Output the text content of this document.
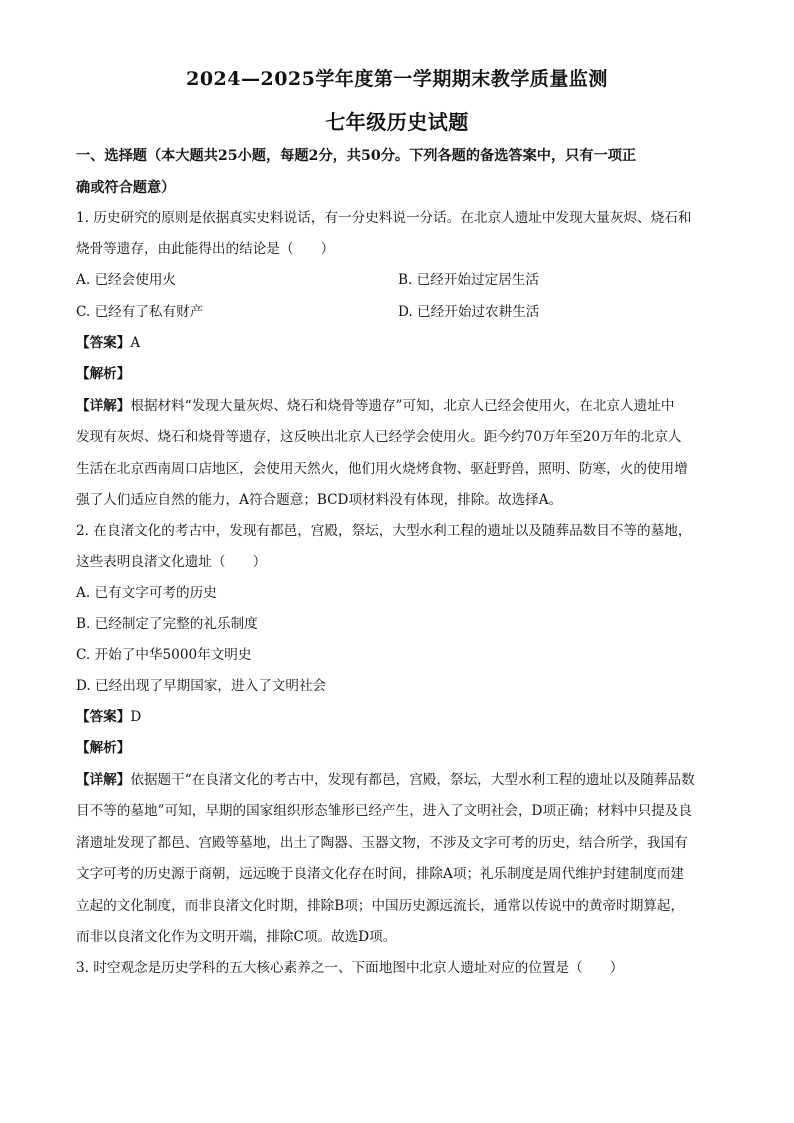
2024—2025学年度第一学期期末教学质量监测
七年级历史试题
一、选择题（本大题共25小题，每题2分，共50分。下列各题的备选答案中，只有一项正
确或符合题意）
1. 历史研究的原则是依据真实史料说话，有一分史料说一分话。在北京人遗址中发现大量灰烬、烧石和
烧骨等遗存，由此能得出的结论是（　　）
A. 已经会使用火	B. 已经开始过定居生活
C. 已经有了私有财产	D. 已经开始过农耕生活
【答案】A
【解析】
【详解】根据材料“发现大量灰烬、烧石和烧骨等遗存”可知，北京人已经会使用火，在北京人遗址中
发现有灰烬、烧石和烧骨等遗存，这反映出北京人已经学会使用火。距今约70万年至20万年的北京人
生活在北京西南周口店地区，会使用天然火，他们用火烧烤食物、驱赶野兽，照明、防寒，火的使用增
强了人们适应自然的能力，A符合题意；BCD项材料没有体现，排除。故选择A。
2. 在良渚文化的考古中，发现有都邑，宫殿，祭坛，大型水利工程的遗址以及随葬品数目不等的墓地，
这些表明良渚文化遗址（　　）
A. 已有文字可考的历史
B. 已经制定了完整的礼乐制度
C. 开始了中华5000年文明史
D. 已经出现了早期国家，进入了文明社会
【答案】D
【解析】
【详解】依据题干“在良渚文化的考古中，发现有都邑，宫殿，祭坛，大型水利工程的遗址以及随葬品数
目不等的墓地”可知，早期的国家组织形态雏形已经产生，进入了文明社会，D项正确；材料中只提及良
渚遗址发现了都邑、宫殿等墓地，出土了陶器、玉器文物，不涉及文字可考的历史，结合所学，我国有
文字可考的历史源于商朝，远远晚于良渚文化存在时间，排除A项；礼乐制度是周代维护封建制度而建
立起的文化制度，而非良渚文化时期，排除B项；中国历史源远流长，通常以传说中的黄帝时期算起，
而非以良渚文化作为文明开端，排除C项。故选D项。
3. 时空观念是历史学科的五大核心素养之一、下面地图中北京人遗址对应的位置是（　　）
